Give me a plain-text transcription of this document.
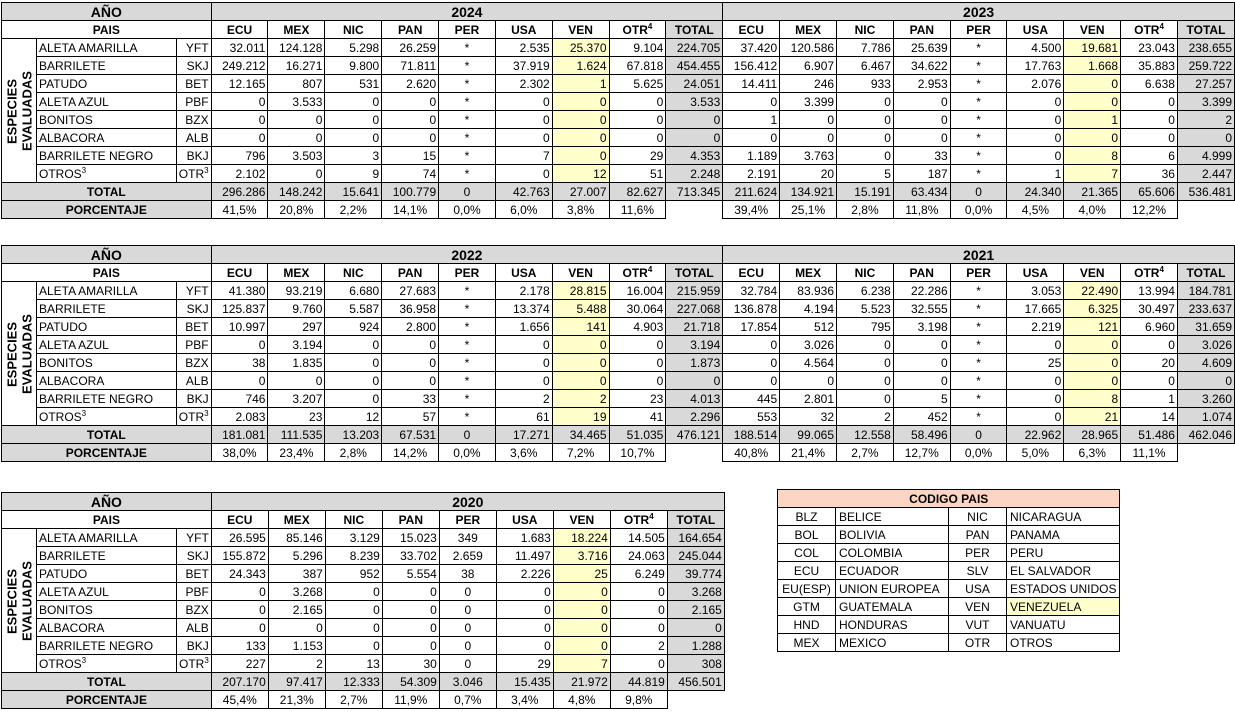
AÑO			2024									2023								
PAIS			ECU	MEX	NIC	PAN	PER	USA	VEN	OTR$^4$	TOTAL	ECU	MEX	NIC	PAN	PER	USA	VEN	OTR$^4$	TOTAL
ESPECIES EVALUADAS	ALETA AMARILLA	YFT	32.011	124.128	5.298	26.259	*	2.535	25.370	9.104	224.705	37.420	120.586	7.786	25.639	*	4.500	19.681	23.043	238.655
	BARRILETE	SKJ	249.212	16.271	9.800	71.811	*	37.919	1.624	67.818	454.455	156.412	6.907	6.467	34.622	*	17.763	1.668	35.883	259.722
	PATUDO	BET	12.165	807	531	2.620	*	2.302	1	5.625	24.051	14.411	246	933	2.953	*	2.076	0	6.638	27.257
	ALETA AZUL	PBF	0	3.533	0	0	*	0	0	0	3.533	0	3.399	0	0	*	0	0	0	3.399
	BONITOS	BZX	0	0	0	0	*	0	0	0	0	1	0	0	0	*	0	1	0	2
	ALBACORA	ALB	0	0	0	0	*	0	0	0	0	0	0	0	0	*	0	0	0	0
	BARRILETE NEGRO	BKJ	796	3.503	3	15	*	7	0	29	4.353	1.189	3.763	0	33	*	0	8	6	4.999
	OTROS$^3$	OTR$^3$	2.102	0	9	74	*	0	12	51	2.248	2.191	20	5	187	*	1	7	36	2.447
TOTAL			296.286	148.242	15.641	100.779	0	42.763	27.007	82.627	713.345	211.624	134.921	15.191	63.434	0	24.340	21.365	65.606	536.481
PORCENTAJE			41,5%	20,8%	2,2%	14,1%	0,0%	6,0%	3,8%	11,6%		39,4%	25,1%	2,8%	11,8%	0,0%	4,5%	4,0%	12,2%	
AÑO			2022									2021								
PAIS			ECU	MEX	NIC	PAN	PER	USA	VEN	OTR$^4$	TOTAL	ECU	MEX	NIC	PAN	PER	USA	VEN	OTR$^4$	TOTAL
ESPECIES EVALUADAS	ALETA AMARILLA	YFT	41.380	93.219	6.680	27.683	*	2.178	28.815	16.004	215.959	32.784	83.936	6.238	22.286	*	3.053	22.490	13.994	184.781
	BARRILETE	SKJ	125.837	9.760	5.587	36.958	*	13.374	5.488	30.064	227.068	136.878	4.194	5.523	32.555	*	17.665	6.325	30.497	233.637
	PATUDO	BET	10.997	297	924	2.800	*	1.656	141	4.903	21.718	17.854	512	795	3.198	*	2.219	121	6.960	31.659
	ALETA AZUL	PBF	0	3.194	0	0	*	0	0	0	3.194	0	3.026	0	0	*	0	0	0	3.026
	BONITOS	BZX	38	1.835	0	0	*	0	0	0	1.873	0	4.564	0	0	*	25	0	20	4.609
	ALBACORA	ALB	0	0	0	0	*	0	0	0	0	0	0	0	0	*	0	0	0	0
	BARRILETE NEGRO	BKJ	746	3.207	0	33	*	2	2	23	4.013	445	2.801	0	5	*	0	8	1	3.260
	OTROS$^3$	OTR$^3$	2.083	23	12	57	*	61	19	41	2.296	553	32	2	452	*	0	21	14	1.074
TOTAL			181.081	111.535	13.203	67.531	0	17.271	34.465	51.035	476.121	188.514	99.065	12.558	58.496	0	22.962	28.965	51.486	462.046
PORCENTAJE			38,0%	23,4%	2,8%	14,2%	0,0%	3,6%	7,2%	10,7%		40,8%	21,4%	2,7%	12,7%	0,0%	5,0%	6,3%	11,1%	
AÑO			2020								
PAIS			ECU	MEX	NIC	PAN	PER	USA	VEN	OTR$^4$	TOTAL
ESPECIES EVALUADAS	ALETA AMARILLA	YFT	26.595	85.146	3.129	15.023	349	1.683	18.224	14.505	164.654
	BARRILETE	SKJ	155.872	5.296	8.239	33.702	2.659	11.497	3.716	24.063	245.044
	PATUDO	BET	24.343	387	952	5.554	38	2.226	25	6.249	39.774
	ALETA AZUL	PBF	0	3.268	0	0	0	0	0	0	3.268
	BONITOS	BZX	0	2.165	0	0	0	0	0	0	2.165
	ALBACORA	ALB	0	0	0	0	0	0	0	0	0
	BARRILETE NEGRO	BKJ	133	1.153	0	0	0	0	0	2	1.288
	OTROS$^3$	OTR$^3$	227	2	13	30	0	29	7	0	308
TOTAL			207.170	97.417	12.333	54.309	3.046	15.435	21.972	44.819	456.501
PORCENTAJE			45,4%	21,3%	2,7%	11,9%	0,7%	3,4%	4,8%	9,8%	
CODIGO PAIS			
BLZ	BELICE	NIC	NICARAGUA
BOL	BOLIVIA	PAN	PANAMA
COL	COLOMBIA	PER	PERU
ECU	ECUADOR	SLV	EL SALVADOR
EU(ESP)	UNION EUROPEA	USA	ESTADOS UNIDOS
GTM	GUATEMALA	VEN	VENEZUELA
HND	HONDURAS	VUT	VANUATU
MEX	MEXICO	OTR	OTROS
